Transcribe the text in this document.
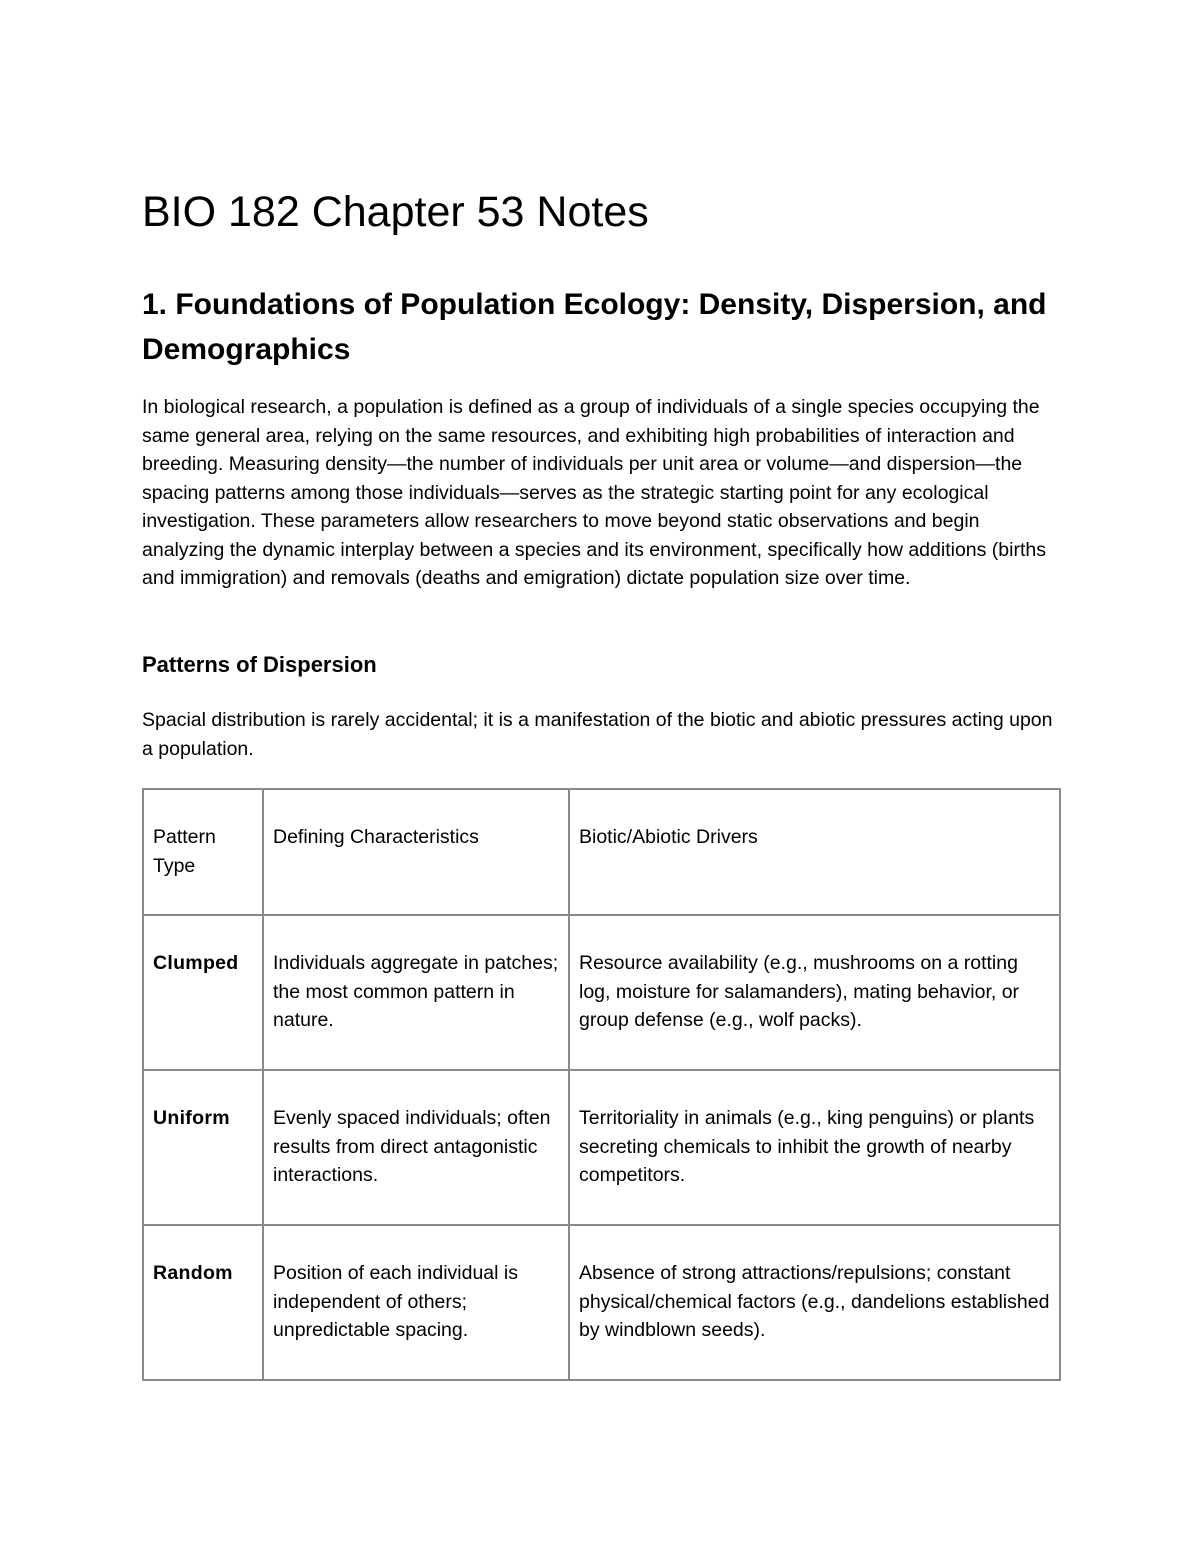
BIO 182 Chapter 53 Notes
1. Foundations of Population Ecology: Density, Dispersion, and Demographics

In biological research, a population is defined as a group of individuals of a single species occupying the same general area, relying on the same resources, and exhibiting high probabilities of interaction and breeding. Measuring density—the number of individuals per unit area or volume—and dispersion—the spacing patterns among those individuals—serves as the strategic starting point for any ecological investigation. These parameters allow researchers to move beyond static observations and begin analyzing the dynamic interplay between a species and its environment, specifically how additions (births and immigration) and removals (deaths and emigration) dictate population size over time.

Patterns of Dispersion

Spacial distribution is rarely accidental; it is a manifestation of the biotic and abiotic pressures acting upon a population.

Pattern Type	Defining Characteristics	Biotic/Abiotic Drivers
Clumped	Individuals aggregate in patches; the most common pattern in nature.	Resource availability (e.g., mushrooms on a rotting log, moisture for salamanders), mating behavior, or group defense (e.g., wolf packs).
Uniform	Evenly spaced individuals; often results from direct antagonistic interactions.	Territoriality in animals (e.g., king penguins) or plants secreting chemicals to inhibit the growth of nearby competitors.
Random	Position of each individual is independent of others; unpredictable spacing.	Absence of strong attractions/repulsions; constant physical/chemical factors (e.g., dandelions established by windblown seeds).
